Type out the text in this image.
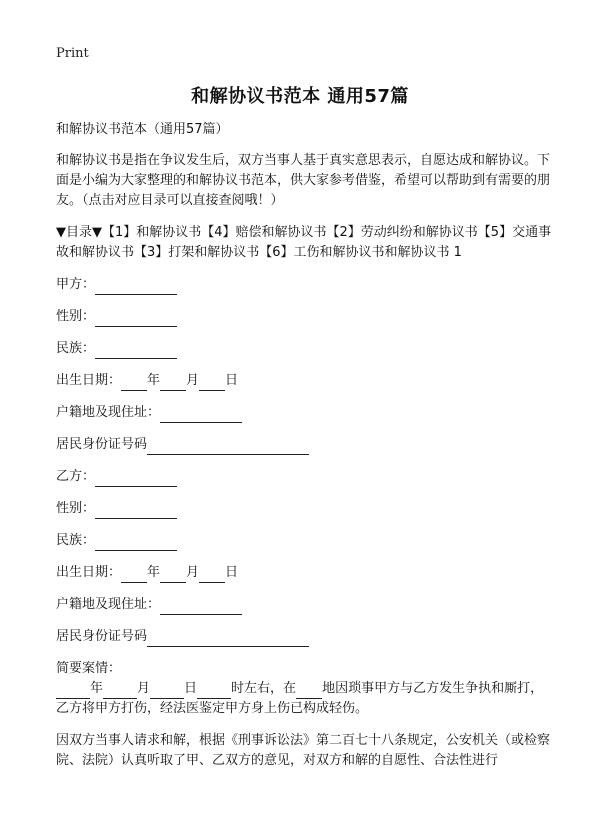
Print
和解协议书范本 通用57篇

和解协议书范本（通用57篇）

和解协议书是指在争议发生后，双方当事人基于真实意思表示，自愿达成和解协议。下面是小编为大家整理的和解协议书范本，供大家参考借鉴，希望可以帮助到有需要的朋友。（点击对应目录可以直接查阅哦！）

▼目录▼【1】和解协议书【4】赔偿和解协议书【2】劳动纠纷和解协议书【5】交通事故和解协议书【3】打架和解协议书【6】工伤和解协议书和解协议书 1

甲方：
性别：
民族：
出生日期： 年 月 日
户籍地及现住址：
居民身份证号码
乙方：
性别：
民族：
出生日期： 年 月 日
户籍地及现住址：
居民身份证号码

简要案情：

年	月	日	时左右，在 地因琐事甲方与乙方发生争执和厮打，乙方将甲方打伤，经法医鉴定甲方身上伤已构成轻伤。

因双方当事人请求和解，根据《刑事诉讼法》第二百七十八条规定，公安机关（或检察院、法院）认真听取了甲、乙双方的意见，对双方和解的自愿性、合法性进行
